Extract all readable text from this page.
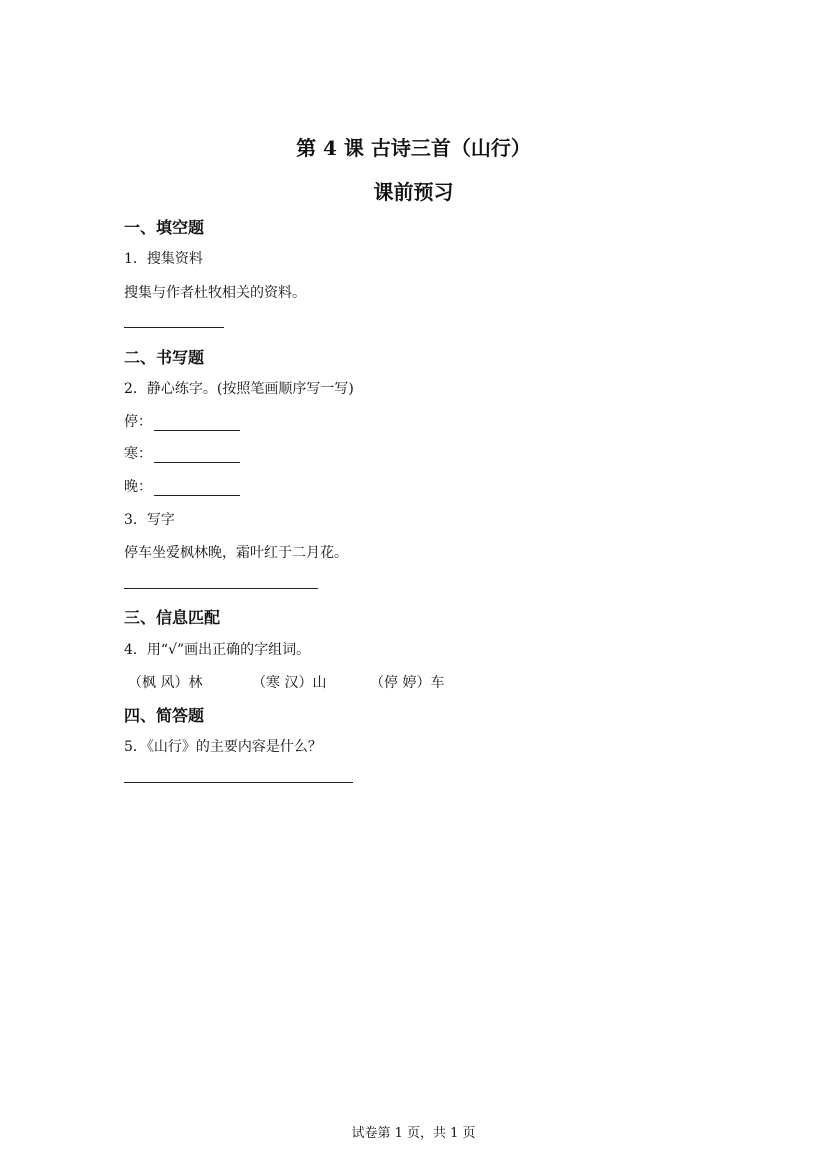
第 4 课 古诗三首（山行）
课前预习
一、填空题
1．搜集资料
搜集与作者杜牧相关的资料。
二、书写题
2．静心练字。(按照笔画顺序写一写)
停：
寒：
晚：
3．写字
停车坐爱枫林晚，霜叶红于二月花。
三、信息匹配
4．用“√”画出正确的字组词。
（枫 风）林	（寒 汉）山	（停 婷）车
四、简答题
5．《山行》的主要内容是什么？
试卷第 1 页，共 1 页
